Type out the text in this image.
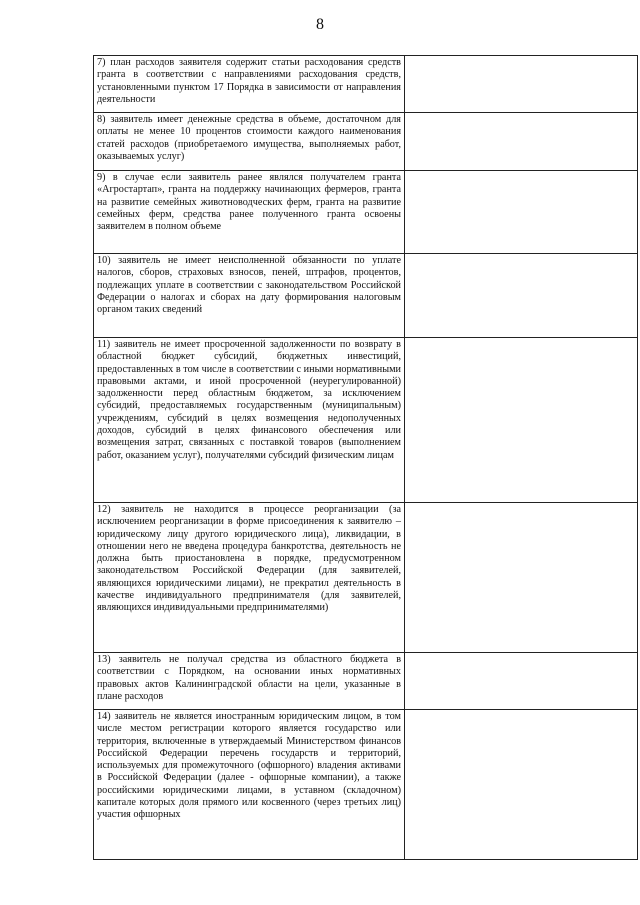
8
7) план расходов заявителя содержит статьи расходования средств гранта в соответствии с направлениями расходования средств, установленными пунктом 17 Порядка в зависимости от направления деятельности	

8) заявитель имеет денежные средства в объеме, достаточном для оплаты не менее 10 процентов стоимости каждого наименования статей расходов (приобретаемого имущества, выполняемых работ, оказываемых услуг)	

9) в случае если заявитель ранее являлся получателем гранта «Агростартап», гранта на поддержку начинающих фермеров, гранта на развитие семейных животноводческих ферм, гранта на развитие семейных ферм, средства ранее полученного гранта освоены заявителем в полном объеме	

10) заявитель не имеет неисполненной обязанности по уплате налогов, сборов, страховых взносов, пеней, штрафов, процентов, подлежащих уплате в соответствии с законодательством Российской Федерации о налогах и сборах на дату формирования налоговым органом таких сведений	

11) заявитель не имеет просроченной задолженности по возврату в областной бюджет субсидий, бюджетных инвестиций, предоставленных в том числе в соответствии с иными нормативными правовыми актами, и иной просроченной (неурегулированной) задолженности перед областным бюджетом, за исключением субсидий, предоставляемых государственным (муниципальным) учреждениям, субсидий в целях возмещения недополученных доходов, субсидий в целях финансового обеспечения или возмещения затрат, связанных с поставкой товаров (выполнением работ, оказанием услуг), получателями субсидий физическим лицам	

12) заявитель не находится в процессе реорганизации (за исключением реорганизации в форме присоединения к заявителю – юридическому лицу другого юридического лица), ликвидации, в отношении него не введена процедура банкротства, деятельность не должна быть приостановлена в порядке, предусмотренном законодательством Российской Федерации (для заявителей, являющихся юридическими лицами), не прекратил деятельность в качестве индивидуального предпринимателя (для заявителей, являющихся индивидуальными предпринимателями)	

13) заявитель не получал средства из областного бюджета в соответствии с Порядком, на основании иных нормативных правовых актов Калининградской области на цели, указанные в плане расходов	

14) заявитель не является иностранным юридическим лицом, в том числе местом регистрации которого является государство или территория, включенные в утверждаемый Министерством финансов Российской Федерации перечень государств и территорий, используемых для промежуточного (офшорного) владения активами в Российской Федерации (далее - офшорные компании), а также российскими юридическими лицами, в уставном (складочном) капитале которых доля прямого или косвенного (через третьих лиц) участия офшорных	
